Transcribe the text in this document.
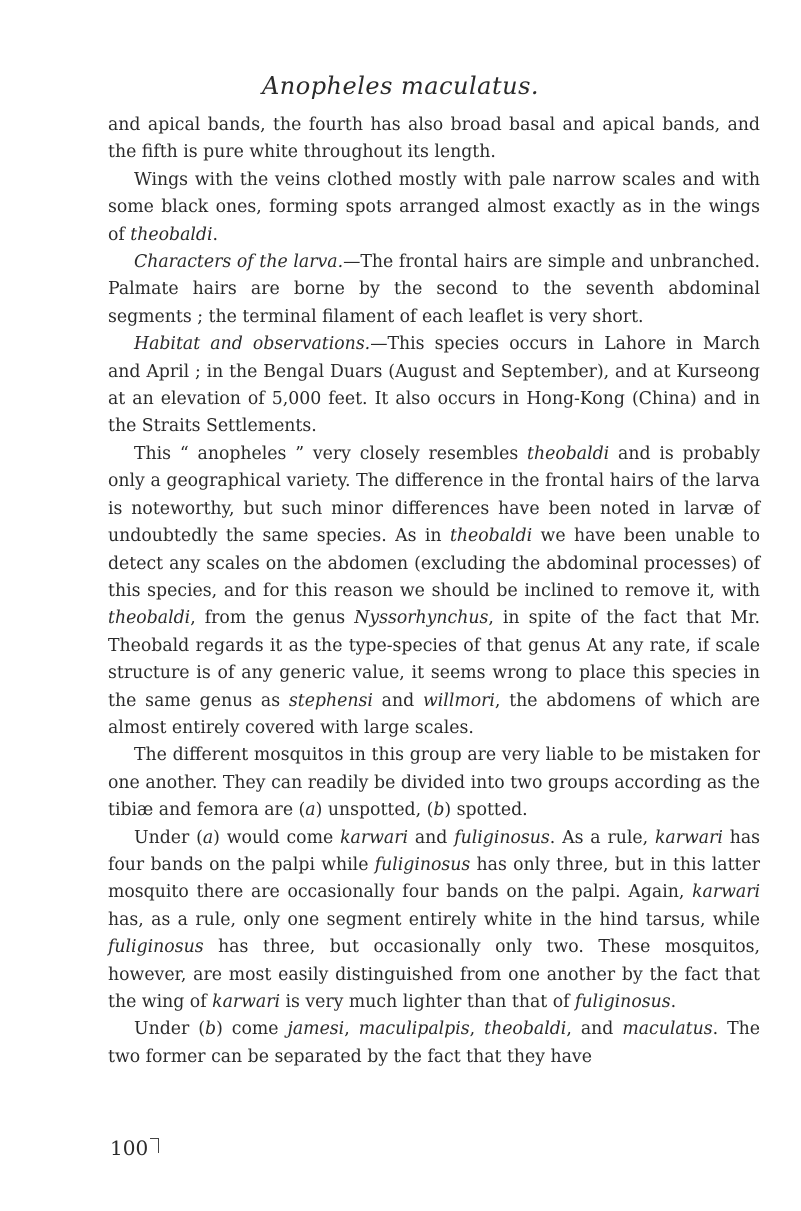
Anopheles maculatus.

and apical bands, the fourth has also broad basal and apical bands, and the fifth is pure white throughout its length.

Wings with the veins clothed mostly with pale narrow scales and with some black ones, forming spots arranged almost exactly as in the wings of theobaldi.

Characters of the larva.—The frontal hairs are simple and unbranched. Palmate hairs are borne by the second to the seventh abdominal segments ; the terminal filament of each leaflet is very short.

Habitat and observations.—This species occurs in Lahore in March and April ; in the Bengal Duars (August and September), and at Kurseong at an elevation of 5,000 feet. It also occurs in Hong-Kong (China) and in the Straits Settlements.

This “ anopheles ” very closely resembles theobaldi and is probably only a geographical variety. The difference in the frontal hairs of the larva is noteworthy, but such minor differences have been noted in larvæ of undoubtedly the same species. As in theobaldi we have been unable to detect any scales on the abdomen (excluding the abdominal processes) of this species, and for this reason we should be inclined to remove it, with theobaldi, from the genus Nyssorhynchus, in spite of the fact that Mr. Theobald regards it as the type-species of that genus At any rate, if scale structure is of any generic value, it seems wrong to place this species in the same genus as stephensi and willmori, the abdomens of which are almost entirely covered with large scales.

The different mosquitos in this group are very liable to be mistaken for one another. They can readily be divided into two groups according as the tibiæ and femora are (a) unspotted, (b) spotted.

Under (a) would come karwari and fuliginosus. As a rule, karwari has four bands on the palpi while fuliginosus has only three, but in this latter mosquito there are occasionally four bands on the palpi. Again, karwari has, as a rule, only one segment entirely white in the hind tarsus, while fuliginosus has three, but occasionally only two. These mosquitos, however, are most easily distinguished from one another by the fact that the wing of karwari is very much lighter than that of fuliginosus.

Under (b) come jamesi, maculipalpis, theobaldi, and maculatus. The two former can be separated by the fact that they have

100
